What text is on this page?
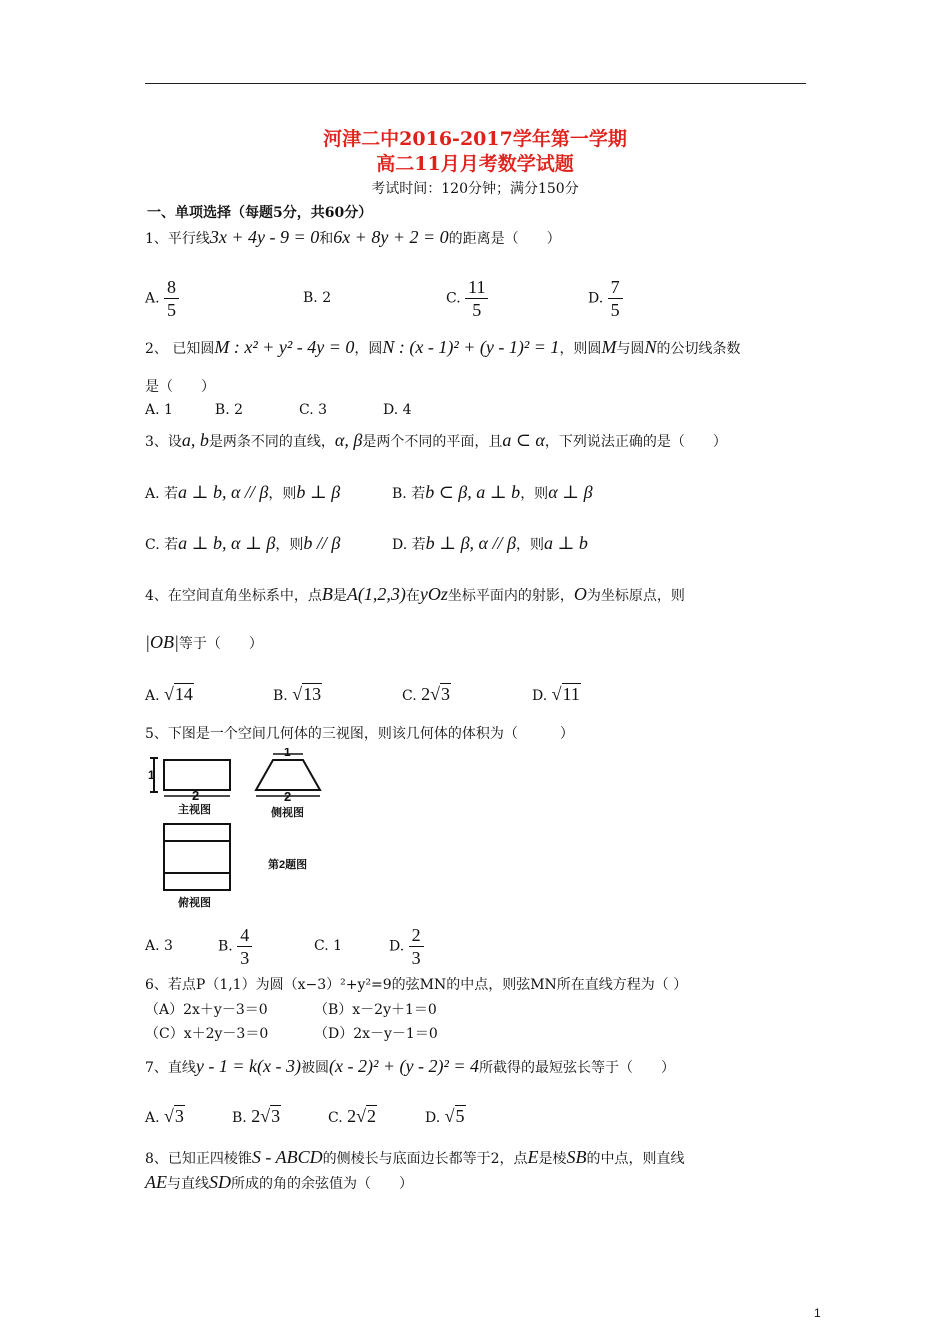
河津二中2016-2017学年第一学期
高二11月月考数学试题
考试时间：120分钟；满分150分
一、单项选择（每题5分，共60分）
1、平行线3x + 4y - 9 = 0和6x + 8y + 2 = 0的距离是（　　）
A. $\frac{8}{5}$	B. 2	C. $\frac{11}{5}$	D. $\frac{7}{5}$
2、 已知圆M : x² + y² - 4y = 0，圆N : (x - 1)² + (y - 1)² = 1，则圆M与圆N的公切线条数
是（　　）
A. 1　　　B. 2　　　　C. 3　　　　D. 4
3、设a, b是两条不同的直线，α, β是两个不同的平面，且a ⊂ α，下列说法正确的是（　　）
A. 若a ⊥ b, α // β，则b ⊥ β	B. 若b ⊂ β, a ⊥ b，则α ⊥ β
C. 若a ⊥ b, α ⊥ β，则b // β	D. 若b ⊥ β, α // β，则a ⊥ b
4、在空间直角坐标系中，点B是A(1,2,3)在yOz坐标平面内的射影，O为坐标原点，则
|OB|等于（　　）
A. √14	B. √13	C. 2√3	D. √11
5、下图是一个空间几何体的三视图，则该几何体的体积为（　　　）
1
2
1
2
主视图	侧视图
俯视图
第2题图
A. 3	B. $\frac{4}{3}$	C. 1	D. $\frac{2}{3}$
6、若点P（1,1）为圆（x−3）²+y²=9的弦MN的中点，则弦MN所在直线方程为（ ）
（A）2x＋y－3＝0	（B）x－2y＋1＝0
（C）x＋2y－3＝0	（D）2x－y－1＝0
7、直线y - 1 = k(x - 3)被圆(x - 2)² + (y - 2)² = 4所截得的最短弦长等于（　　）
A. √3	B. 2√3	C. 2√2	D. √5
8、已知正四棱锥S - ABCD的侧棱长与底面边长都等于2，点E是棱SB的中点，则直线
AE与直线SD所成的角的余弦值为（　　）
1
